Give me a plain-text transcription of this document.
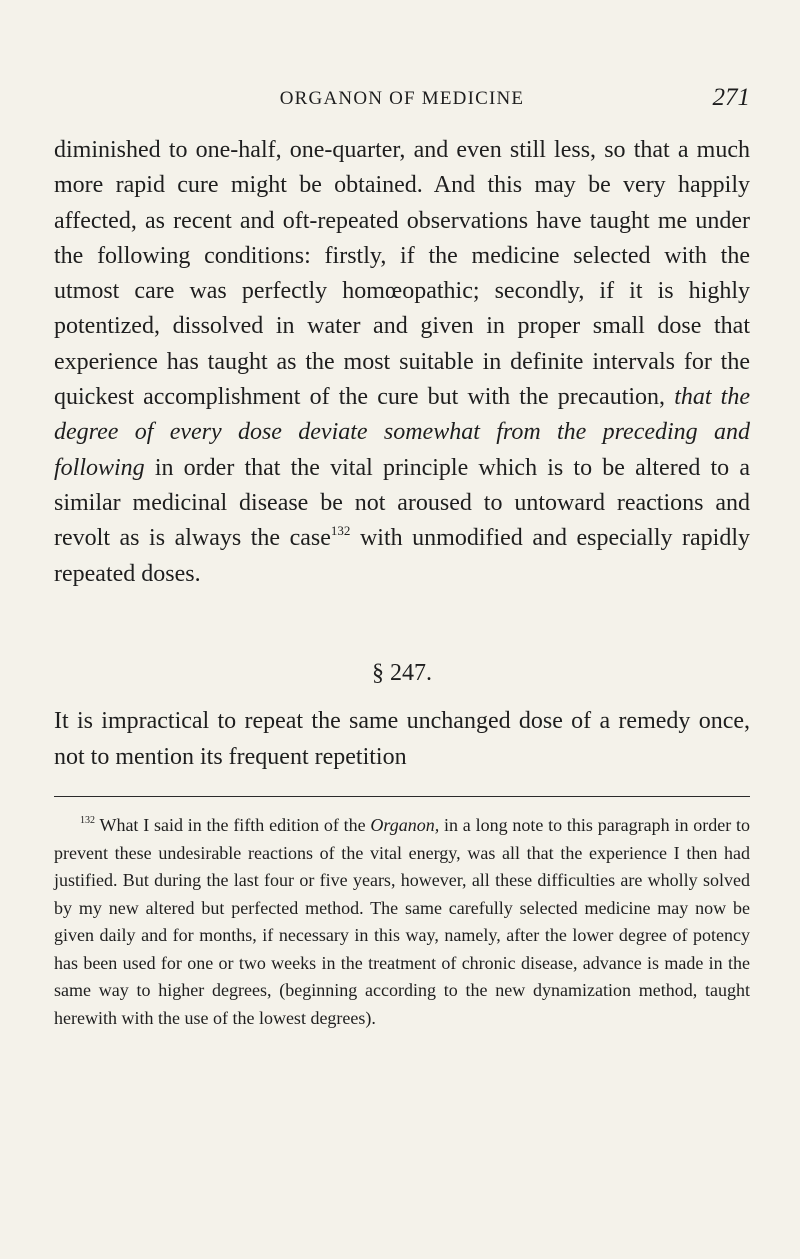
ORGANON OF MEDICINE	271

diminished to one-half, one-quarter, and even still less, so that a much more rapid cure might be obtained. And this may be very happily affected, as recent and oft-repeated observations have taught me under the following conditions: firstly, if the medicine selected with the utmost care was perfectly homœopathic; secondly, if it is highly potentized, dissolved in water and given in proper small dose that experience has taught as the most suitable in definite intervals for the quickest accomplishment of the cure but with the precaution, that the degree of every dose deviate somewhat from the preceding and following in order that the vital principle which is to be altered to a similar medicinal disease be not aroused to untoward reactions and revolt as is always the case$^{132}$ with unmodified and especially rapidly repeated doses.

§ 247.

It is impractical to repeat the same unchanged dose of a remedy once, not to mention its frequent repetition

$^{132}$ What I said in the fifth edition of the Organon, in a long note to this paragraph in order to prevent these undesirable reactions of the vital energy, was all that the experience I then had justified. But during the last four or five years, however, all these difficulties are wholly solved by my new altered but perfected method. The same carefully selected medicine may now be given daily and for months, if necessary in this way, namely, after the lower degree of potency has been used for one or two weeks in the treatment of chronic disease, advance is made in the same way to higher degrees, (beginning according to the new dynamization method, taught herewith with the use of the lowest degrees).
